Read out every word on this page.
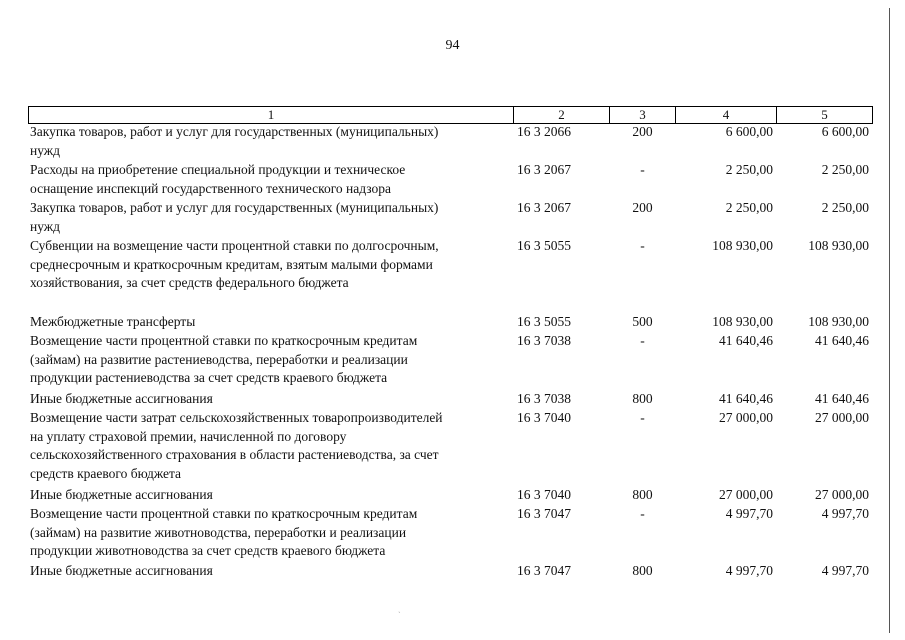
94
1	2	3	4	5
Закупка товаров, работ и услуг для государственных (муниципальных)
нужд
16 3 2066	200	6 600,00	6 600,00
Расходы на приобретение специальной продукции и техническое
оснащение инспекций государственного технического надзора
16 3 2067	-	2 250,00	2 250,00
Закупка товаров, работ и услуг для государственных (муниципальных)
нужд
16 3 2067	200	2 250,00	2 250,00
Субвенции на возмещение части процентной ставки по долгосрочным,
среднесрочным и краткосрочным кредитам, взятым малыми формами
хозяйствования, за счет средств федерального бюджета
16 3 5055	-	108 930,00	108 930,00
Межбюджетные трансферты	16 3 5055	500	108 930,00	108 930,00
Возмещение части процентной ставки по краткосрочным кредитам
(займам) на развитие растениеводства, переработки и реализации
продукции растениеводства за счет средств краевого бюджета
16 3 7038	-	41 640,46	41 640,46
Иные бюджетные ассигнования	16 3 7038	800	41 640,46	41 640,46
Возмещение части затрат сельскохозяйственных товаропроизводителей
на уплату страховой премии, начисленной по договору
сельскохозяйственного страхования в области растениеводства, за счет
средств краевого бюджета
16 3 7040	-	27 000,00	27 000,00
Иные бюджетные ассигнования	16 3 7040	800	27 000,00	27 000,00
Возмещение части процентной ставки по краткосрочным кредитам
(займам) на развитие животноводства, переработки и реализации
продукции животноводства за счет средств краевого бюджета
16 3 7047	-	4 997,70	4 997,70
Иные бюджетные ассигнования	16 3 7047	800	4 997,70	4 997,70
ˎ
